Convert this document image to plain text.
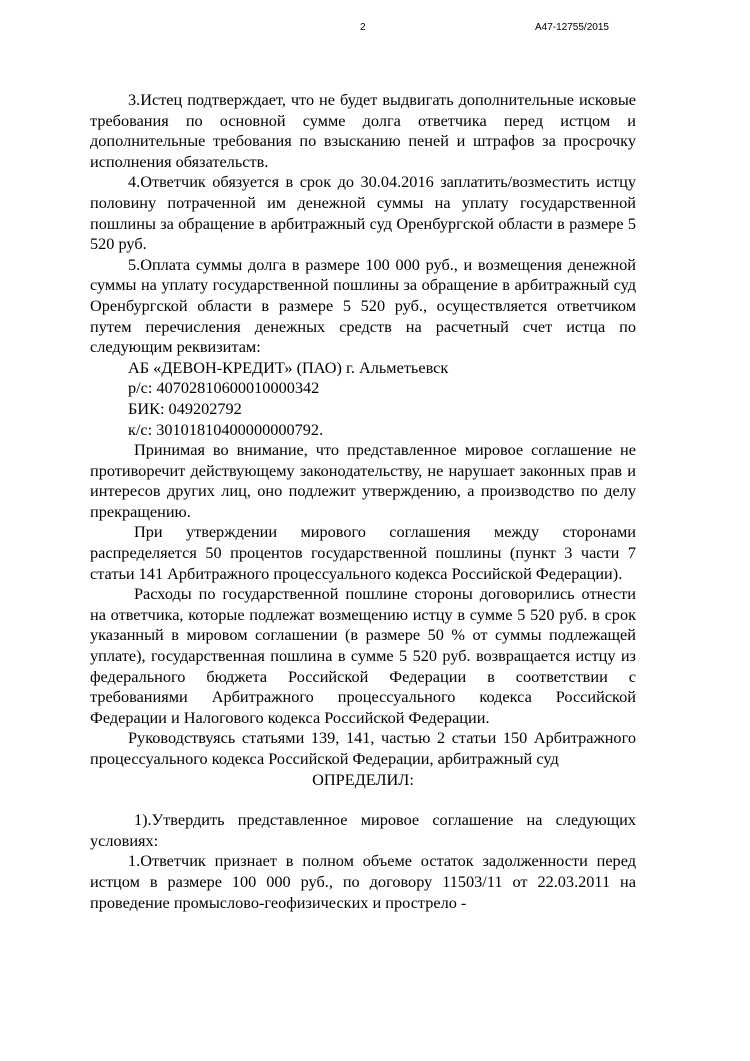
2	А47-12755/2015

3.Истец подтверждает, что не будет выдвигать дополнительные исковые требования по основной сумме долга ответчика перед истцом и дополнительные требования по взысканию пеней и штрафов за просрочку исполнения обязательств.

4.Ответчик обязуется в срок до 30.04.2016 заплатить/возместить истцу половину потраченной им денежной суммы на уплату государственной пошлины за обращение в арбитражный суд Оренбургской области в размере 5 520 руб.

5.Оплата суммы долга в размере 100 000 руб., и возмещения денежной суммы на уплату государственной пошлины за обращение в арбитражный суд Оренбургской области в размере 5 520 руб., осуществляется ответчиком путем перечисления денежных средств на расчетный счет истца по следующим реквизитам:

АБ «ДЕВОН-КРЕДИТ» (ПАО) г. Альметьевск

р/с: 40702810600010000342

БИК: 049202792

к/с: 30101810400000000792.

Принимая во внимание, что представленное мировое соглашение не противоречит действующему законодательству, не нарушает законных прав и интересов других лиц, оно подлежит утверждению, а производство по делу прекращению.

При утверждении мирового соглашения между сторонами распределяется 50 процентов государственной пошлины (пункт 3 части 7 статьи 141 Арбитражного процессуального кодекса Российской Федерации).

Расходы по государственной пошлине стороны договорились отнести на ответчика, которые подлежат возмещению истцу в сумме 5 520 руб. в срок указанный в мировом соглашении (в размере 50 % от суммы подлежащей уплате), государственная пошлина в сумме 5 520 руб. возвращается истцу из федерального бюджета Российской Федерации в соответствии с требованиями Арбитражного процессуального кодекса Российской Федерации и Налогового кодекса Российской Федерации.

Руководствуясь статьями 139, 141, частью 2 статьи 150 Арбитражного процессуального кодекса Российской Федерации, арбитражный суд

ОПРЕДЕЛИЛ:

1).Утвердить представленное мировое соглашение на следующих условиях:

1.Ответчик признает в полном объеме остаток задолженности перед истцом в размере 100 000 руб., по договору 11503/11 от 22.03.2011 на проведение промыслово-геофизических и прострело -
